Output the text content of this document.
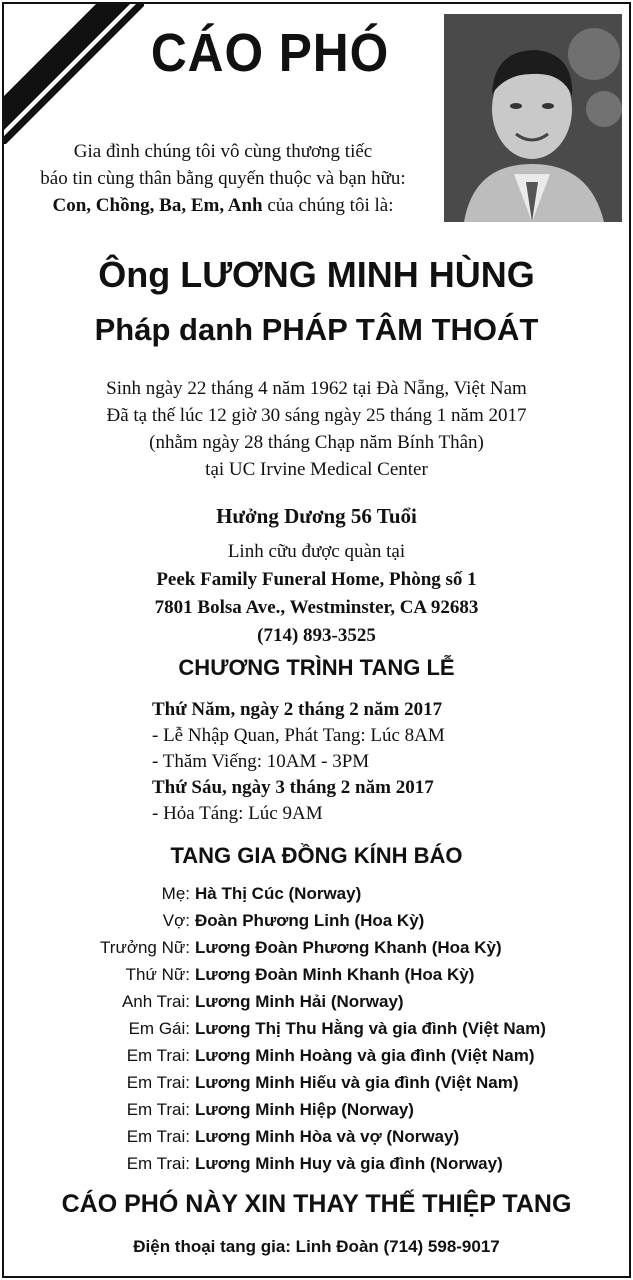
CÁO PHÓ
Gia đình chúng tôi vô cùng thương tiếc
báo tin cùng thân bằng quyến thuộc và bạn hữu:
Con, Chồng, Ba, Em, Anh của chúng tôi là:
Ông LƯƠNG MINH HÙNG
Pháp danh PHÁP TÂM THOÁT
Sinh ngày 22 tháng 4 năm 1962 tại Đà Nẵng, Việt Nam
Đã tạ thế lúc 12 giờ 30 sáng ngày 25 tháng 1 năm 2017
(nhằm ngày 28 tháng Chạp năm Bính Thân)
tại UC Irvine Medical Center
Hưởng Dương 56 Tuổi
Linh cữu được quàn tại
Peek Family Funeral Home, Phòng số 1
7801 Bolsa Ave., Westminster, CA 92683
(714) 893-3525
CHƯƠNG TRÌNH TANG LỄ
Thứ Năm, ngày 2 tháng 2 năm 2017
- Lễ Nhập Quan, Phát Tang: Lúc 8AM
- Thăm Viếng: 10AM - 3PM
Thứ Sáu, ngày 3 tháng 2 năm 2017
- Hỏa Táng: Lúc 9AM
TANG GIA ĐỒNG KÍNH BÁO
Mẹ: Hà Thị Cúc (Norway)
Vợ: Đoàn Phương Linh (Hoa Kỳ)
Trưởng Nữ: Lương Đoàn Phương Khanh (Hoa Kỳ)
Thứ Nữ: Lương Đoàn Minh Khanh (Hoa Kỳ)
Anh Trai: Lương Minh Hải (Norway)
Em Gái: Lương Thị Thu Hằng và gia đình (Việt Nam)
Em Trai: Lương Minh Hoàng và gia đình (Việt Nam)
Em Trai: Lương Minh Hiếu và gia đình (Việt Nam)
Em Trai: Lương Minh Hiệp (Norway)
Em Trai: Lương Minh Hòa và vợ (Norway)
Em Trai: Lương Minh Huy và gia đình (Norway)
CÁO PHÓ NÀY XIN THAY THẾ THIỆP TANG
Điện thoại tang gia: Linh Đoàn (714) 598-9017
